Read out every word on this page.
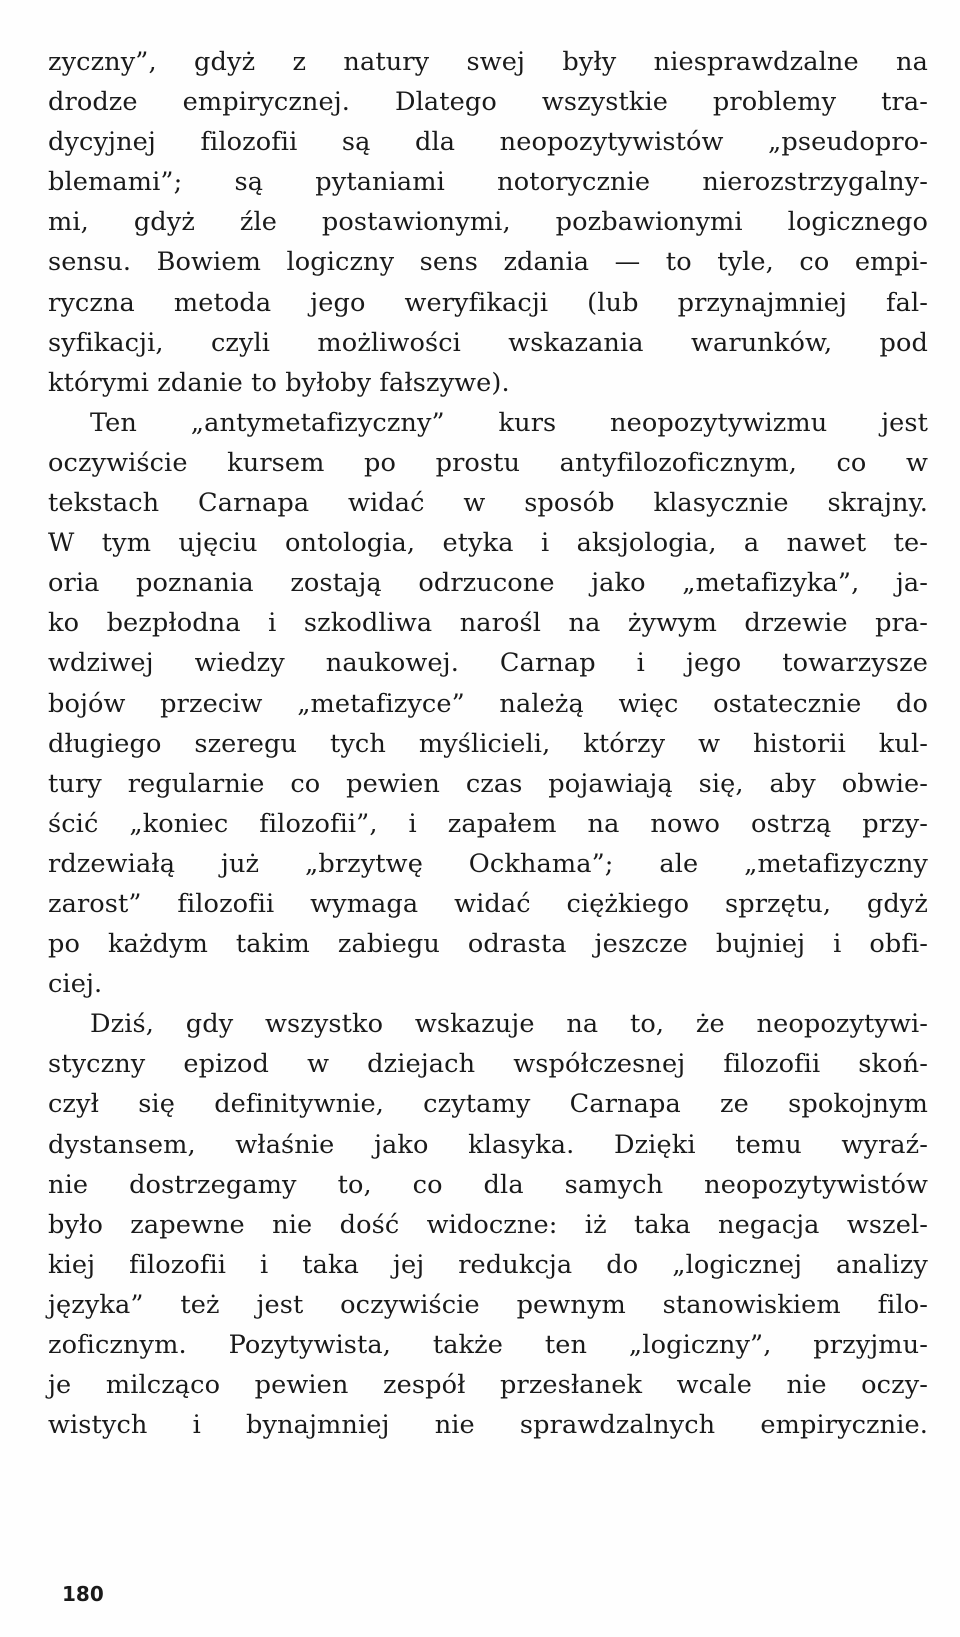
zyczny”, gdyż z natury swej były niesprawdzalne na
drodze empirycznej. Dlatego wszystkie problemy tra-
dycyjnej filozofii są dla neopozytywistów „pseudopro-
blemami”; są pytaniami notorycznie nierozstrzygalny-
mi, gdyż źle postawionymi, pozbawionymi logicznego
sensu. Bowiem logiczny sens zdania — to tyle, co empi-
ryczna metoda jego weryfikacji (lub przynajmniej fal-
syfikacji, czyli możliwości wskazania warunków, pod
którymi zdanie to byłoby fałszywe).
Ten „antymetafizyczny” kurs neopozytywizmu jest
oczywiście kursem po prostu antyfilozoficznym, co w
tekstach Carnapa widać w sposób klasycznie skrajny.
W tym ujęciu ontologia, etyka i aksjologia, a nawet te-
oria poznania zostają odrzucone jako „metafizyka”, ja-
ko bezpłodna i szkodliwa narośl na żywym drzewie pra-
wdziwej wiedzy naukowej. Carnap i jego towarzysze
bojów przeciw „metafizyce” należą więc ostatecznie do
długiego szeregu tych myślicieli, którzy w historii kul-
tury regularnie co pewien czas pojawiają się, aby obwie-
ścić „koniec filozofii”, i zapałem na nowo ostrzą przy-
rdzewiałą już „brzytwę Ockhama”; ale „metafizyczny
zarost” filozofii wymaga widać ciężkiego sprzętu, gdyż
po każdym takim zabiegu odrasta jeszcze bujniej i obfi-
ciej.
Dziś, gdy wszystko wskazuje na to, że neopozytywi-
styczny epizod w dziejach współczesnej filozofii skoń-
czył się definitywnie, czytamy Carnapa ze spokojnym
dystansem, właśnie jako klasyka. Dzięki temu wyraź-
nie dostrzegamy to, co dla samych neopozytywistów
było zapewne nie dość widoczne: iż taka negacja wszel-
kiej filozofii i taka jej redukcja do „logicznej analizy
języka” też jest oczywiście pewnym stanowiskiem filo-
zoficznym. Pozytywista, także ten „logiczny”, przyjmu-
je milcząco pewien zespół przesłanek wcale nie oczy-
wistych i bynajmniej nie sprawdzalnych empirycznie.
180
